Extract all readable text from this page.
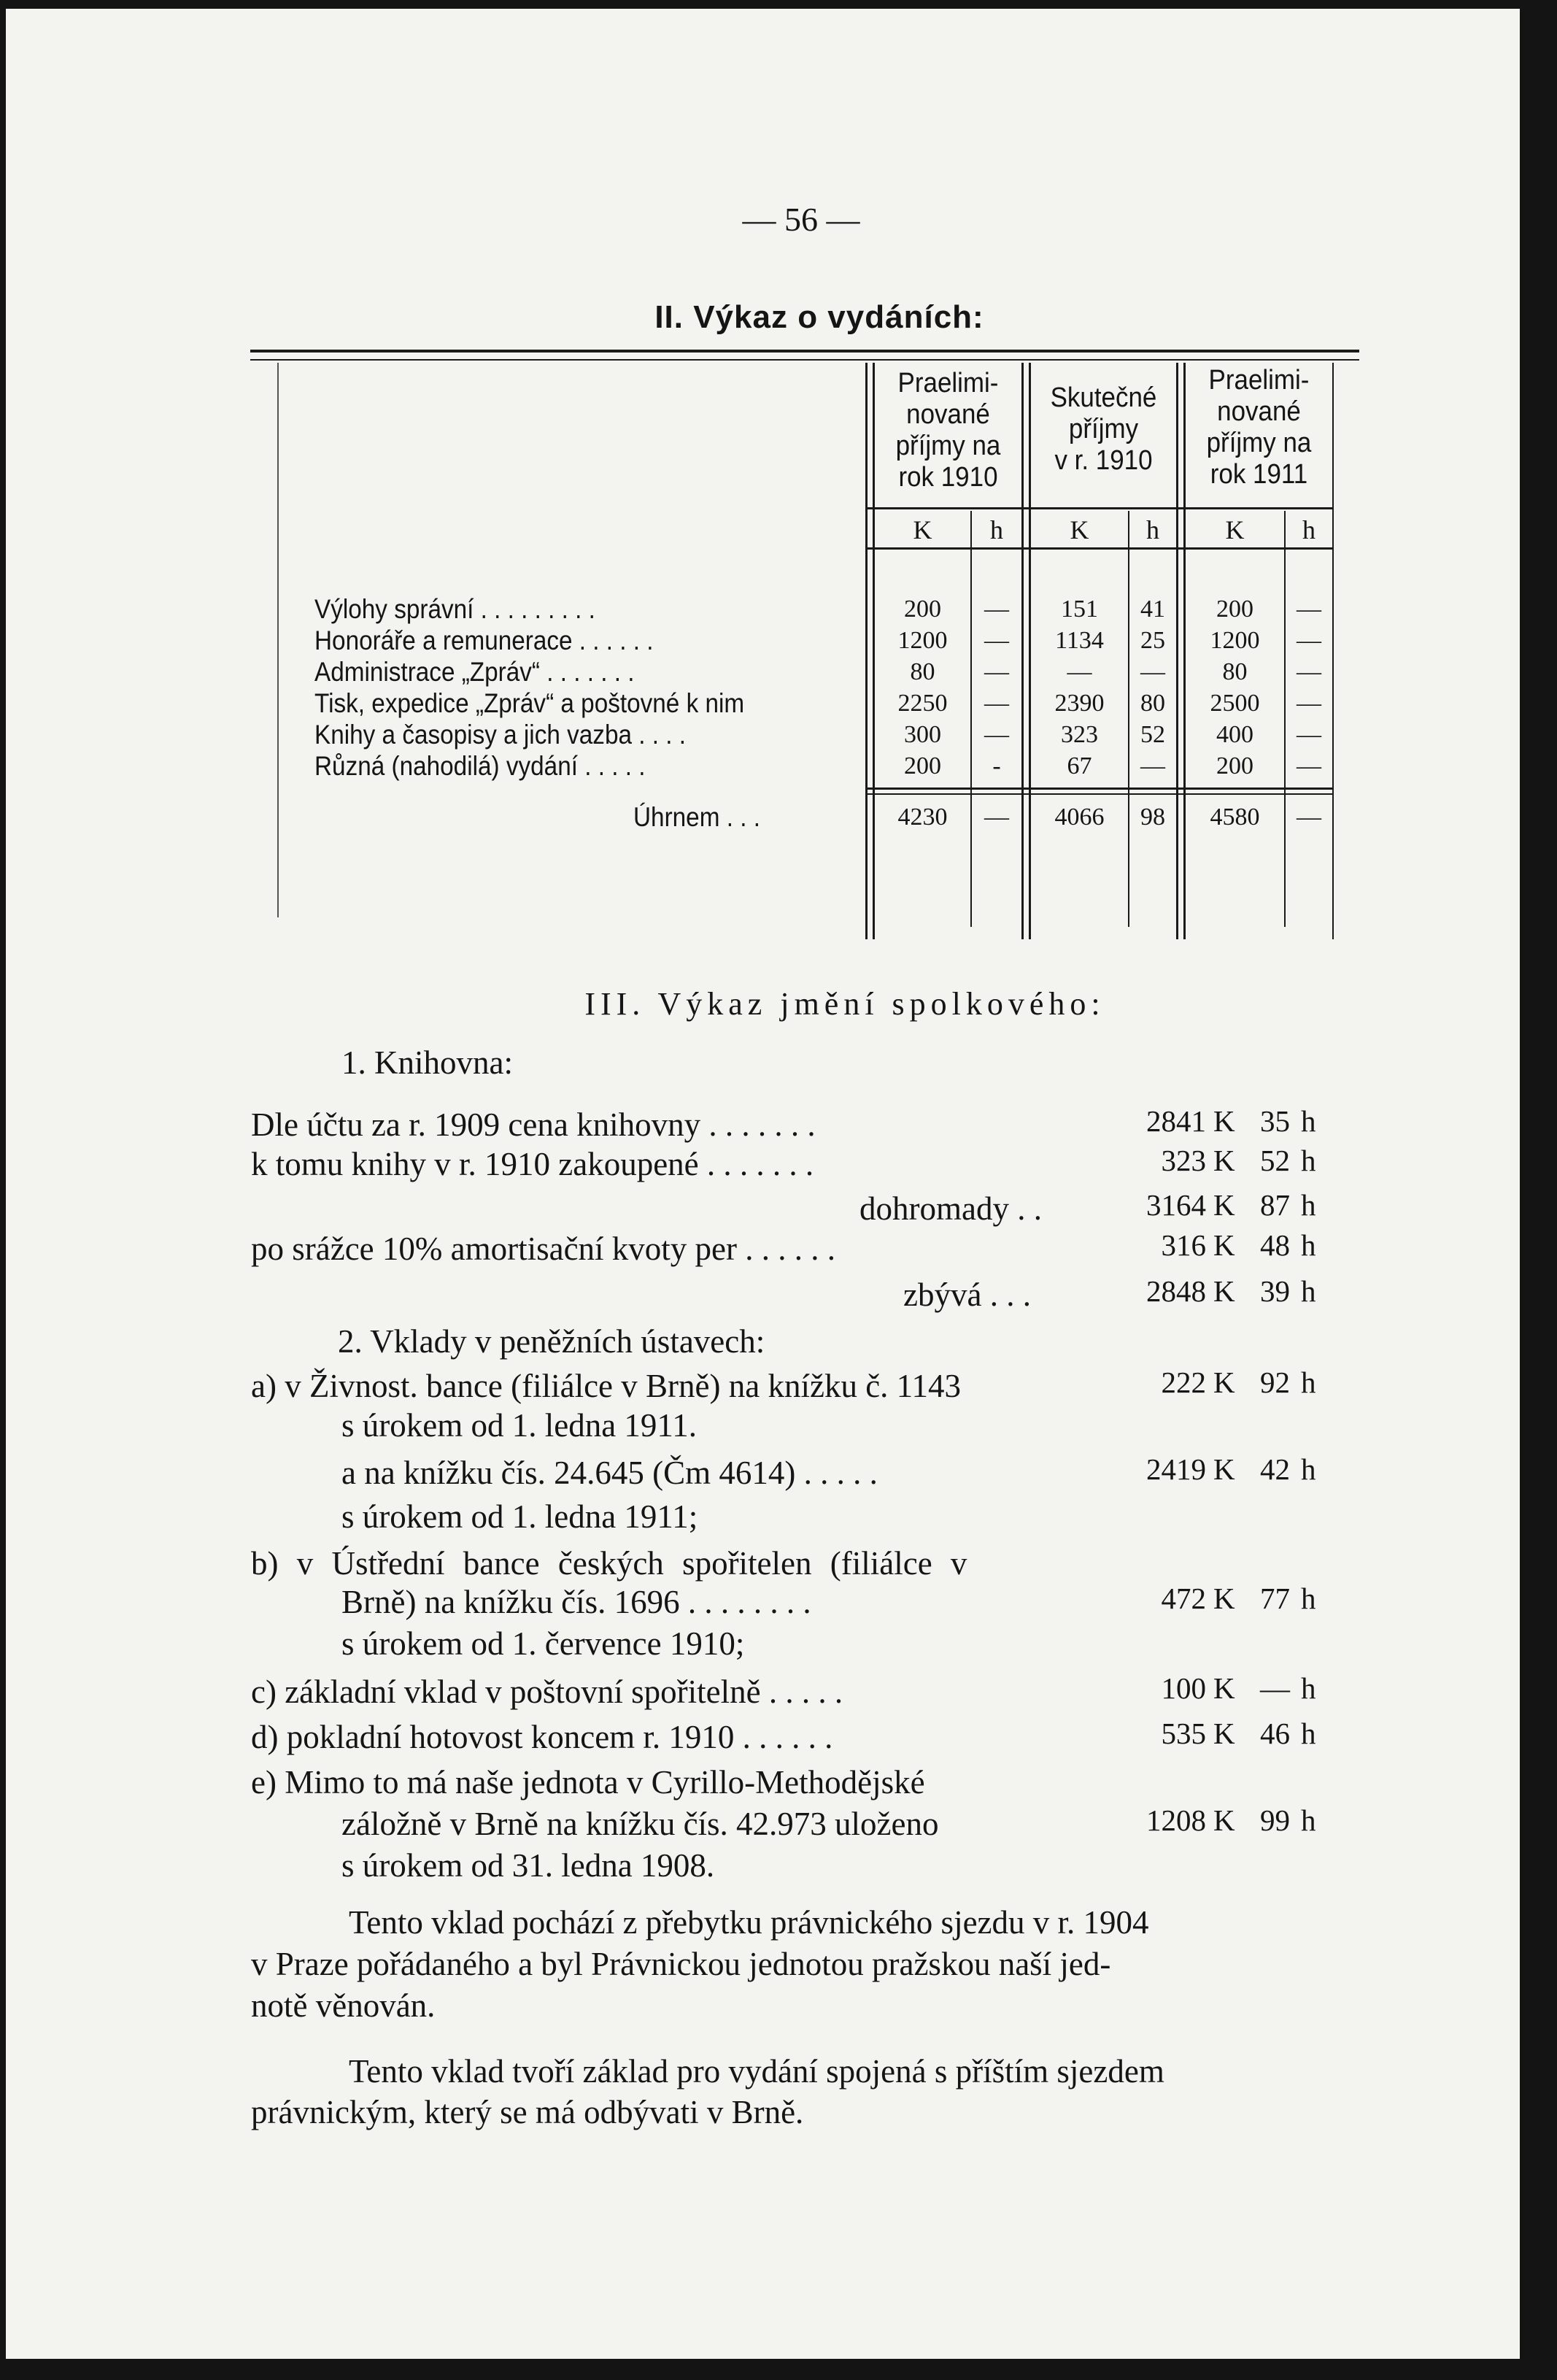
— 56 —
II. Výkaz o vydáních:
Praelimi-
nované
příjmy na
rok 1910
Skutečné
příjmy
v r. 1910
Praelimi-
nované
příjmy na
rok 1911
K	h	K	h	K	h
Výlohy správní . . . . . . . . .	200	—	151	41	200	—
Honoráře a remunerace . . . . . .	1200	—	1134	25	1200	—
Administrace „Zpráv“ . . . . . . .	80	—	—	—	80	—
Tisk, expedice „Zpráv“ a poštovné k nim	2250	—	2390	80	2500	—
Knihy a časopisy a jich vazba . . . .	300	—	323	52	400	—
Různá (nahodilá) vydání . . . . .	200	-	67	—	200	—
Úhrnem . . .	4230	—	4066	98	4580	—
III. Výkaz jmění spolkového:
1. Knihovna:
Dle účtu za r. 1909 cena knihovny . . . . . . .	2841 K 35 h
k tomu knihy v r. 1910 zakoupené . . . . . . .	323 K 52 h
dohromady . .	3164 K 87 h
po srážce 10% amortisační kvoty per . . . . . .	316 K 48 h
zbývá . . .	2848 K 39 h
2. Vklady v peněžních ústavech:
a) v Živnost. bance (filiálce v Brně) na knížku č. 1143	222 K 92 h
s úrokem od 1. ledna 1911.
a na knížku čís. 24.645 (Čm 4614) . . . . .	2419 K 42 h
s úrokem od 1. ledna 1911;
b) v Ústřední bance českých spořitelen (filiálce v
Brně) na knížku čís. 1696 . . . . . . . .	472 K 77 h
s úrokem od 1. července 1910;
c) základní vklad v poštovní spořitelně . . . . .	100 K — h
d) pokladní hotovost koncem r. 1910 . . . . . .	535 K 46 h
e) Mimo to má naše jednota v Cyrillo-Methodějské
záložně v Brně na knížku čís. 42.973 uloženo	1208 K 99 h
s úrokem od 31. ledna 1908.
Tento vklad pochází z přebytku právnického sjezdu v r. 1904
v Praze pořádaného a byl Právnickou jednotou pražskou naší jed-
notě věnován.
Tento vklad tvoří základ pro vydání spojená s příštím sjezdem
právnickým, který se má odbývati v Brně.
